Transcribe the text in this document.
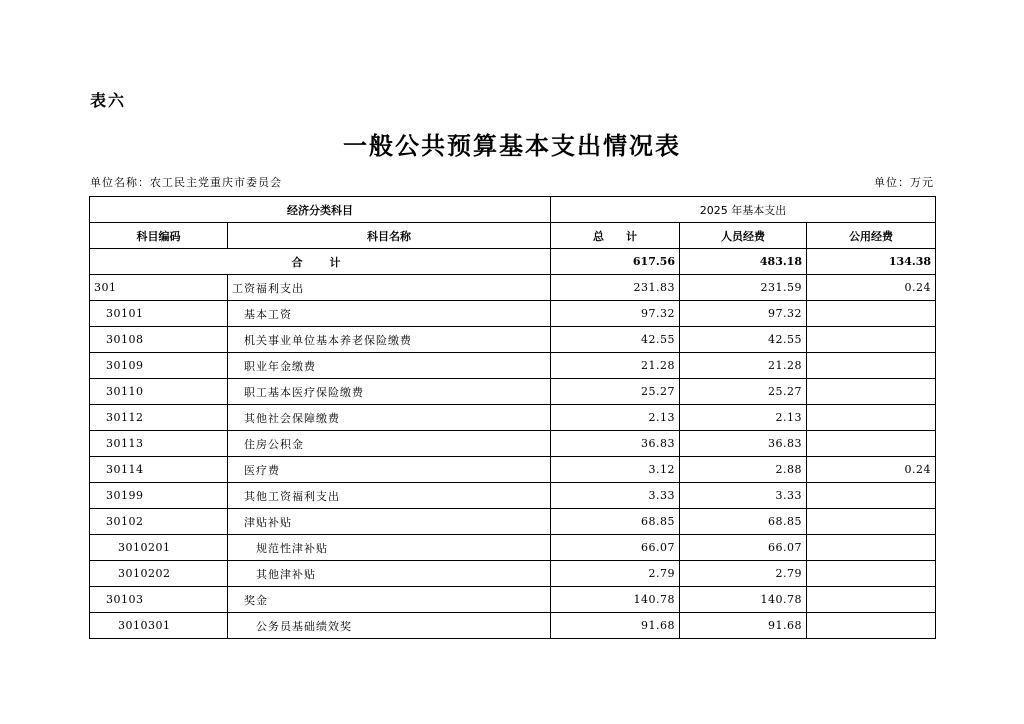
表六
一般公共预算基本支出情况表
单位名称：农工民主党重庆市委员会	单位：万元
经济分类科目		2025 年基本支出		
科目编码	科目名称	总　　计	人员经费	公用经费
合　计		617.56	483.18	134.38
301	工资福利支出	231.83	231.59	0.24
30101	基本工资	97.32	97.32	
30108	机关事业单位基本养老保险缴费	42.55	42.55	
30109	职业年金缴费	21.28	21.28	
30110	职工基本医疗保险缴费	25.27	25.27	
30112	其他社会保障缴费	2.13	2.13	
30113	住房公积金	36.83	36.83	
30114	医疗费	3.12	2.88	0.24
30199	其他工资福利支出	3.33	3.33	
30102	津贴补贴	68.85	68.85	
3010201	规范性津补贴	66.07	66.07	
3010202	其他津补贴	2.79	2.79	
30103	奖金	140.78	140.78	
3010301	公务员基础绩效奖	91.68	91.68	
